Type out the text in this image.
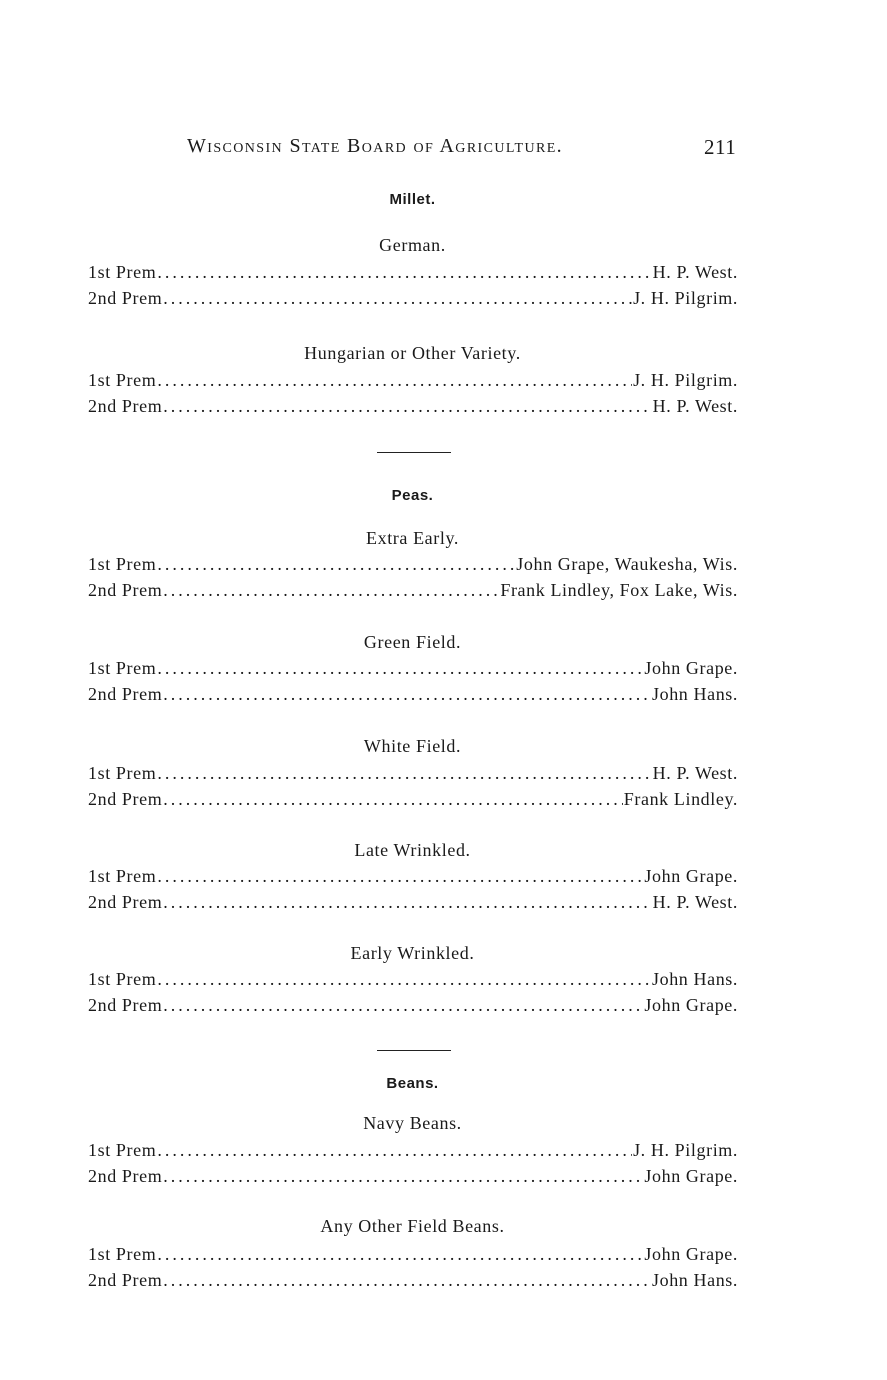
Wisconsin State Board of Agriculture.	211
Millet.
German.
1st Prem .....	H. P. West.
2nd Prem .....	J. H. Pilgrim.
Hungarian or Other Variety.
1st Prem .....	J. H. Pilgrim.
2nd Prem .....	H. P. West.
Peas.
Extra Early.
1st Prem .....	John Grape, Waukesha, Wis.
2nd Prem .....	Frank Lindley, Fox Lake, Wis.
Green Field.
1st Prem .....	John Grape.
2nd Prem .....	John Hans.
White Field.
1st Prem .....	H. P. West.
2nd Prem .....	Frank Lindley.
Late Wrinkled.
1st Prem .....	John Grape.
2nd Prem .....	H. P. West.
Early Wrinkled.
1st Prem .....	John Hans.
2nd Prem .....	John Grape.
Beans.
Navy Beans.
1st Prem .....	J. H. Pilgrim.
2nd Prem .....	John Grape.
Any Other Field Beans.
1st Prem .....	John Grape.
2nd Prem .....	John Hans.
